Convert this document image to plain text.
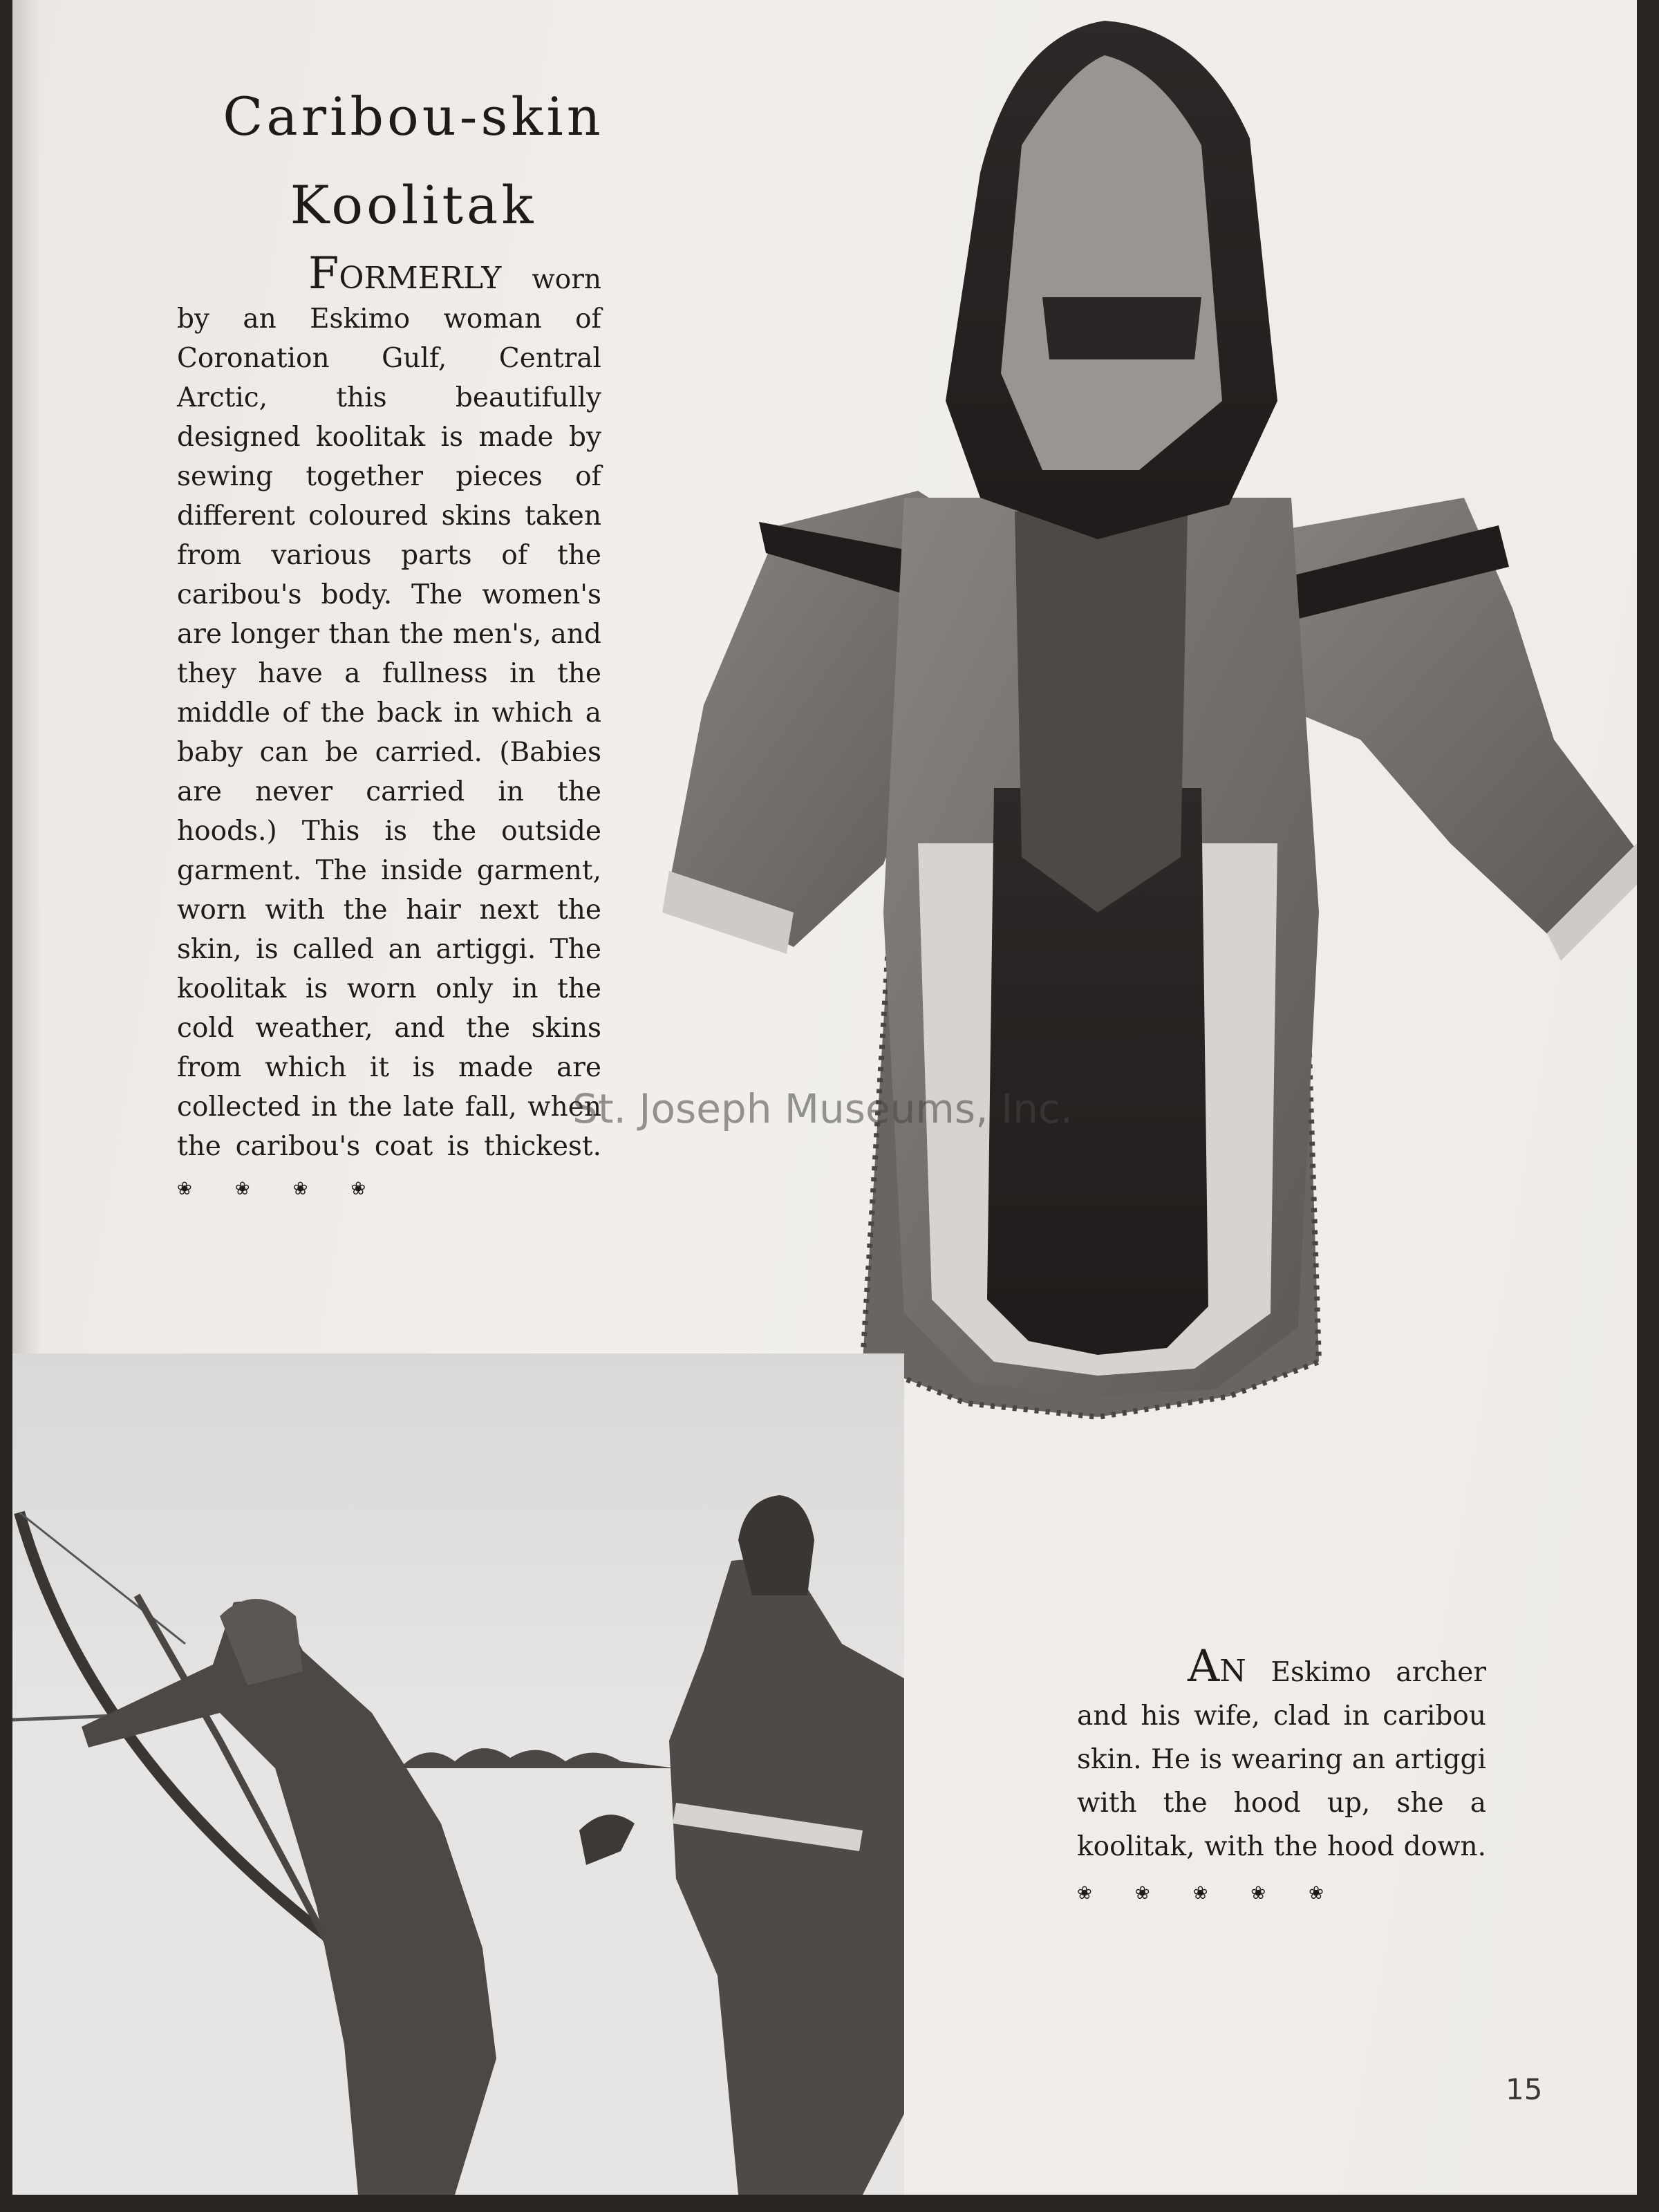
Caribou-skin
Koolitak

FORMERLY worn by an Eskimo woman of Coronation Gulf, Central Arctic, this beautifully designed koolitak is made by sewing together pieces of different coloured skins taken from various parts of the caribou's body. The women's are longer than the men's, and they have a fullness in the middle of the back in which a baby can be carried. (Babies are never carried in the hoods.) This is the outside garment. The inside garment, worn with the hair next the skin, is called an artiggi. The koolitak is worn only in the cold weather, and the skins from which it is made are collected in the late fall, when the caribou's coat is thickest. ❀❀❀❀

AN Eskimo archer and his wife, clad in caribou skin. He is wearing an artiggi with the hood up, she a koolitak, with the hood down. ❀❀❀❀❀

15
St. Joseph Museums, Inc.
